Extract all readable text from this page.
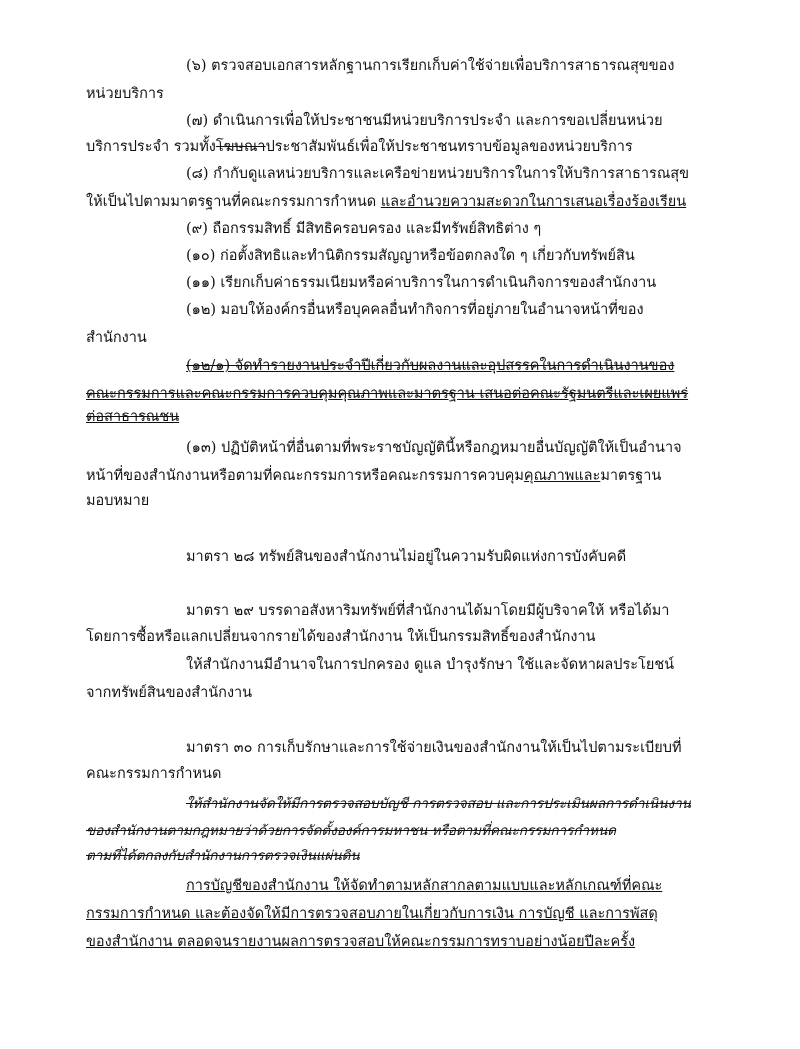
(๖) ตรวจสอบเอกสารหลักฐานการเรียกเก็บค่าใช้จ่ายเพื่อบริการสาธารณสุขของ
หน่วยบริการ
(๗) ดำเนินการเพื่อให้ประชาชนมีหน่วยบริการประจำ และการขอเปลี่ยนหน่วย
บริการประจำ รวมทั้งโฆษณาประชาสัมพันธ์เพื่อให้ประชาชนทราบข้อมูลของหน่วยบริการ
(๘) กำกับดูแลหน่วยบริการและเครือข่ายหน่วยบริการในการให้บริการสาธารณสุข
ให้เป็นไปตามมาตรฐานที่คณะกรรมการกำหนด และอำนวยความสะดวกในการเสนอเรื่องร้องเรียน
(๙) ถือกรรมสิทธิ์ มีสิทธิครอบครอง และมีทรัพย์สิทธิต่าง ๆ
(๑๐) ก่อตั้งสิทธิและทำนิติกรรมสัญญาหรือข้อตกลงใด ๆ เกี่ยวกับทรัพย์สิน
(๑๑) เรียกเก็บค่าธรรมเนียมหรือค่าบริการในการดำเนินกิจการของสำนักงาน
(๑๒) มอบให้องค์กรอื่นหรือบุคคลอื่นทำกิจการที่อยู่ภายในอำนาจหน้าที่ของ
สำนักงาน
(๑๒/๑) จัดทำรายงานประจำปีเกี่ยวกับผลงานและอุปสรรคในการดำเนินงานของ
คณะกรรมการและคณะกรรมการควบคุมคุณภาพและมาตรฐาน เสนอต่อคณะรัฐมนตรีและเผยแพร่
ต่อสาธารณชน
(๑๓) ปฏิบัติหน้าที่อื่นตามที่พระราชบัญญัตินี้หรือกฎหมายอื่นบัญญัติให้เป็นอำนาจ
หน้าที่ของสำนักงานหรือตามที่คณะกรรมการหรือคณะกรรมการควบคุมคุณภาพและมาตรฐาน
มอบหมาย
มาตรา ๒๘ ทรัพย์สินของสำนักงานไม่อยู่ในความรับผิดแห่งการบังคับคดี
มาตรา ๒๙ บรรดาอสังหาริมทรัพย์ที่สำนักงานได้มาโดยมีผู้บริจาคให้ หรือได้มา
โดยการซื้อหรือแลกเปลี่ยนจากรายได้ของสำนักงาน ให้เป็นกรรมสิทธิ์ของสำนักงาน
ให้สำนักงานมีอำนาจในการปกครอง ดูแล บำรุงรักษา ใช้และจัดหาผลประโยชน์
จากทรัพย์สินของสำนักงาน
มาตรา ๓๐ การเก็บรักษาและการใช้จ่ายเงินของสำนักงานให้เป็นไปตามระเบียบที่
คณะกรรมการกำหนด
ให้สำนักงานจัดให้มีการตรวจสอบบัญชี การตรวจสอบ และการประเมินผลการดำเนินงาน
ของสำนักงานตามกฎหมายว่าด้วยการจัดตั้งองค์การมหาชน หรือตามที่คณะกรรมการกำหนด
ตามที่ได้ตกลงกับสำนักงานการตรวจเงินแผ่นดิน
การบัญชีของสำนักงาน ให้จัดทำตามหลักสากลตามแบบและหลักเกณฑ์ที่คณะ
กรรมการกำหนด และต้องจัดให้มีการตรวจสอบภายในเกี่ยวกับการเงิน การบัญชี และการพัสดุ
ของสำนักงาน ตลอดจนรายงานผลการตรวจสอบให้คณะกรรมการทราบอย่างน้อยปีละครั้ง
